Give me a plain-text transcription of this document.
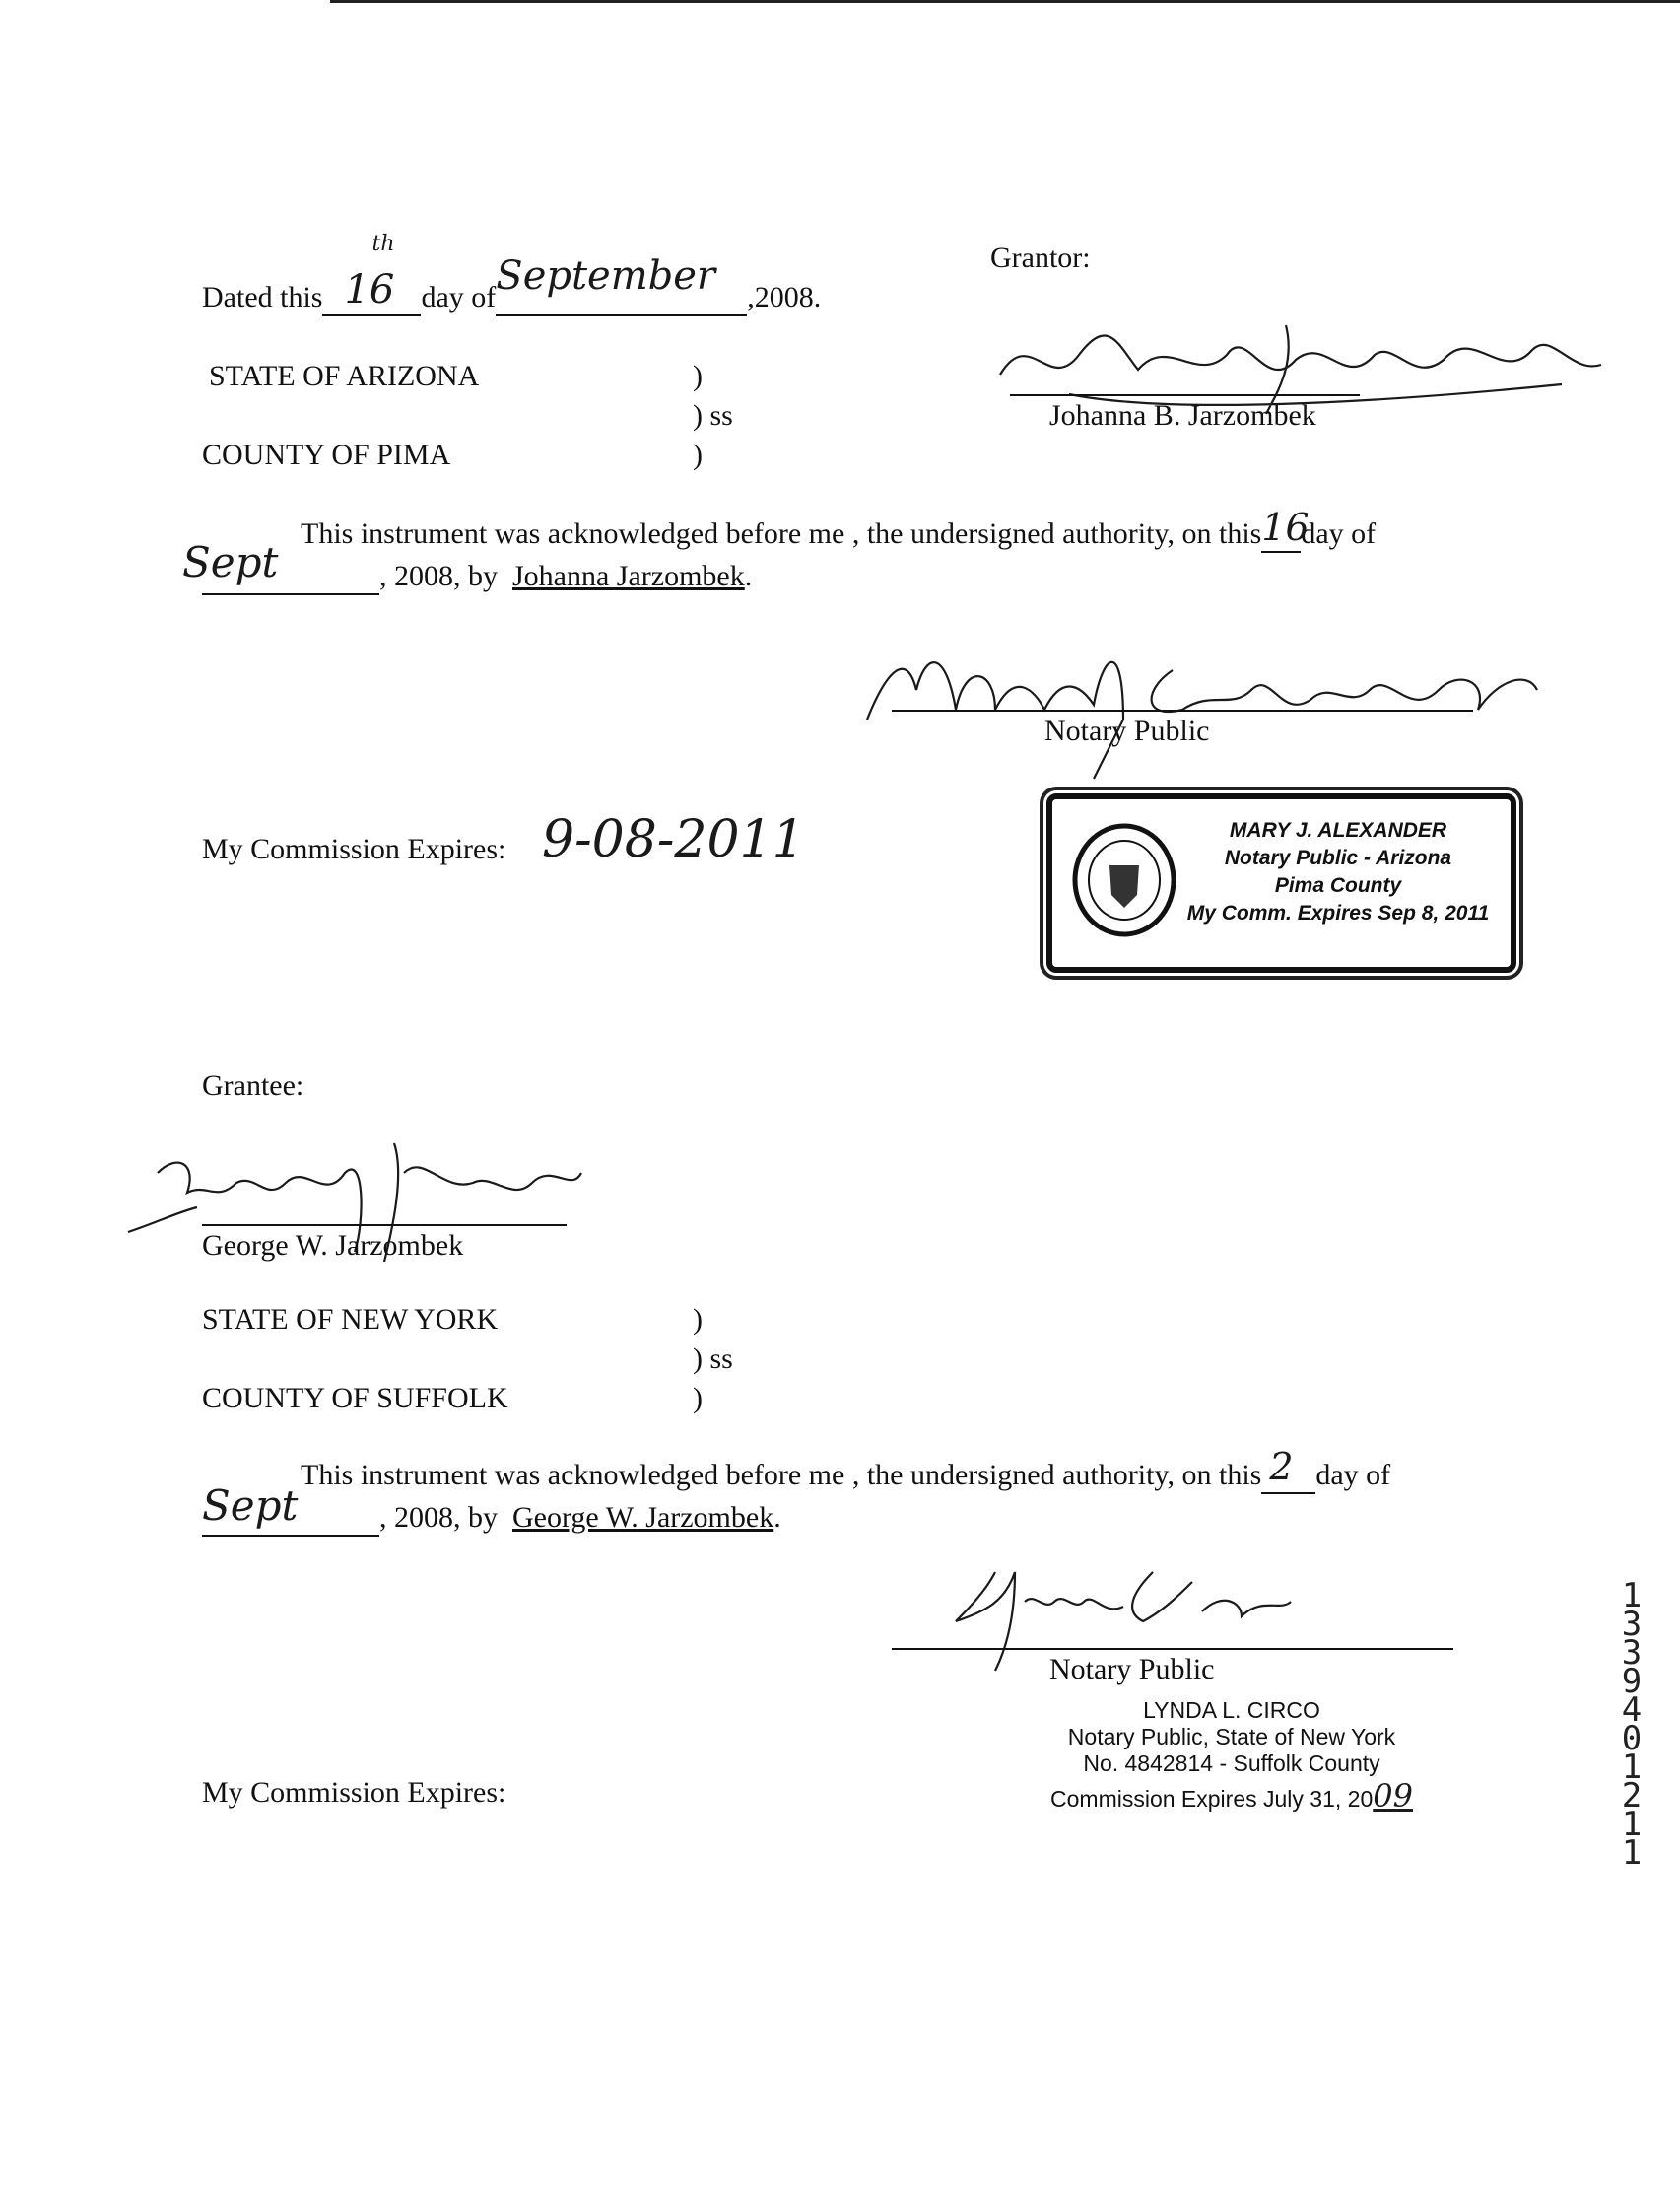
Dated this 16
th
day of September ,2008.
Grantor:
Johanna B. Jarzombek
STATE OF ARIZONA	)
) ss
COUNTY OF PIMA	)
This instrument was acknowledged before me , the undersigned authority, on this 16
day of
Sept	, 2008, by Johanna Jarzombek.
Notary Public
My Commission Expires: 9-08-2011	MARY J. ALEXANDER
Notary Public - Arizona
Pima County
My Comm. Expires Sep 8, 2011
Grantee:
George W. Jarzombek
STATE OF NEW YORK	)
) ss
COUNTY OF SUFFOLK	)
This instrument was acknowledged before me , the undersigned authority, on this 2 day of
Sept	, 2008, by George W. Jarzombek.
Notary Public
LYNDA L. CIRCO
Notary Public, State of New York
No. 4842814 - Suffolk County
Commission Expires July 31, 2009
My Commission Expires:
1
3
3
9
4
0
1
2
1
1
